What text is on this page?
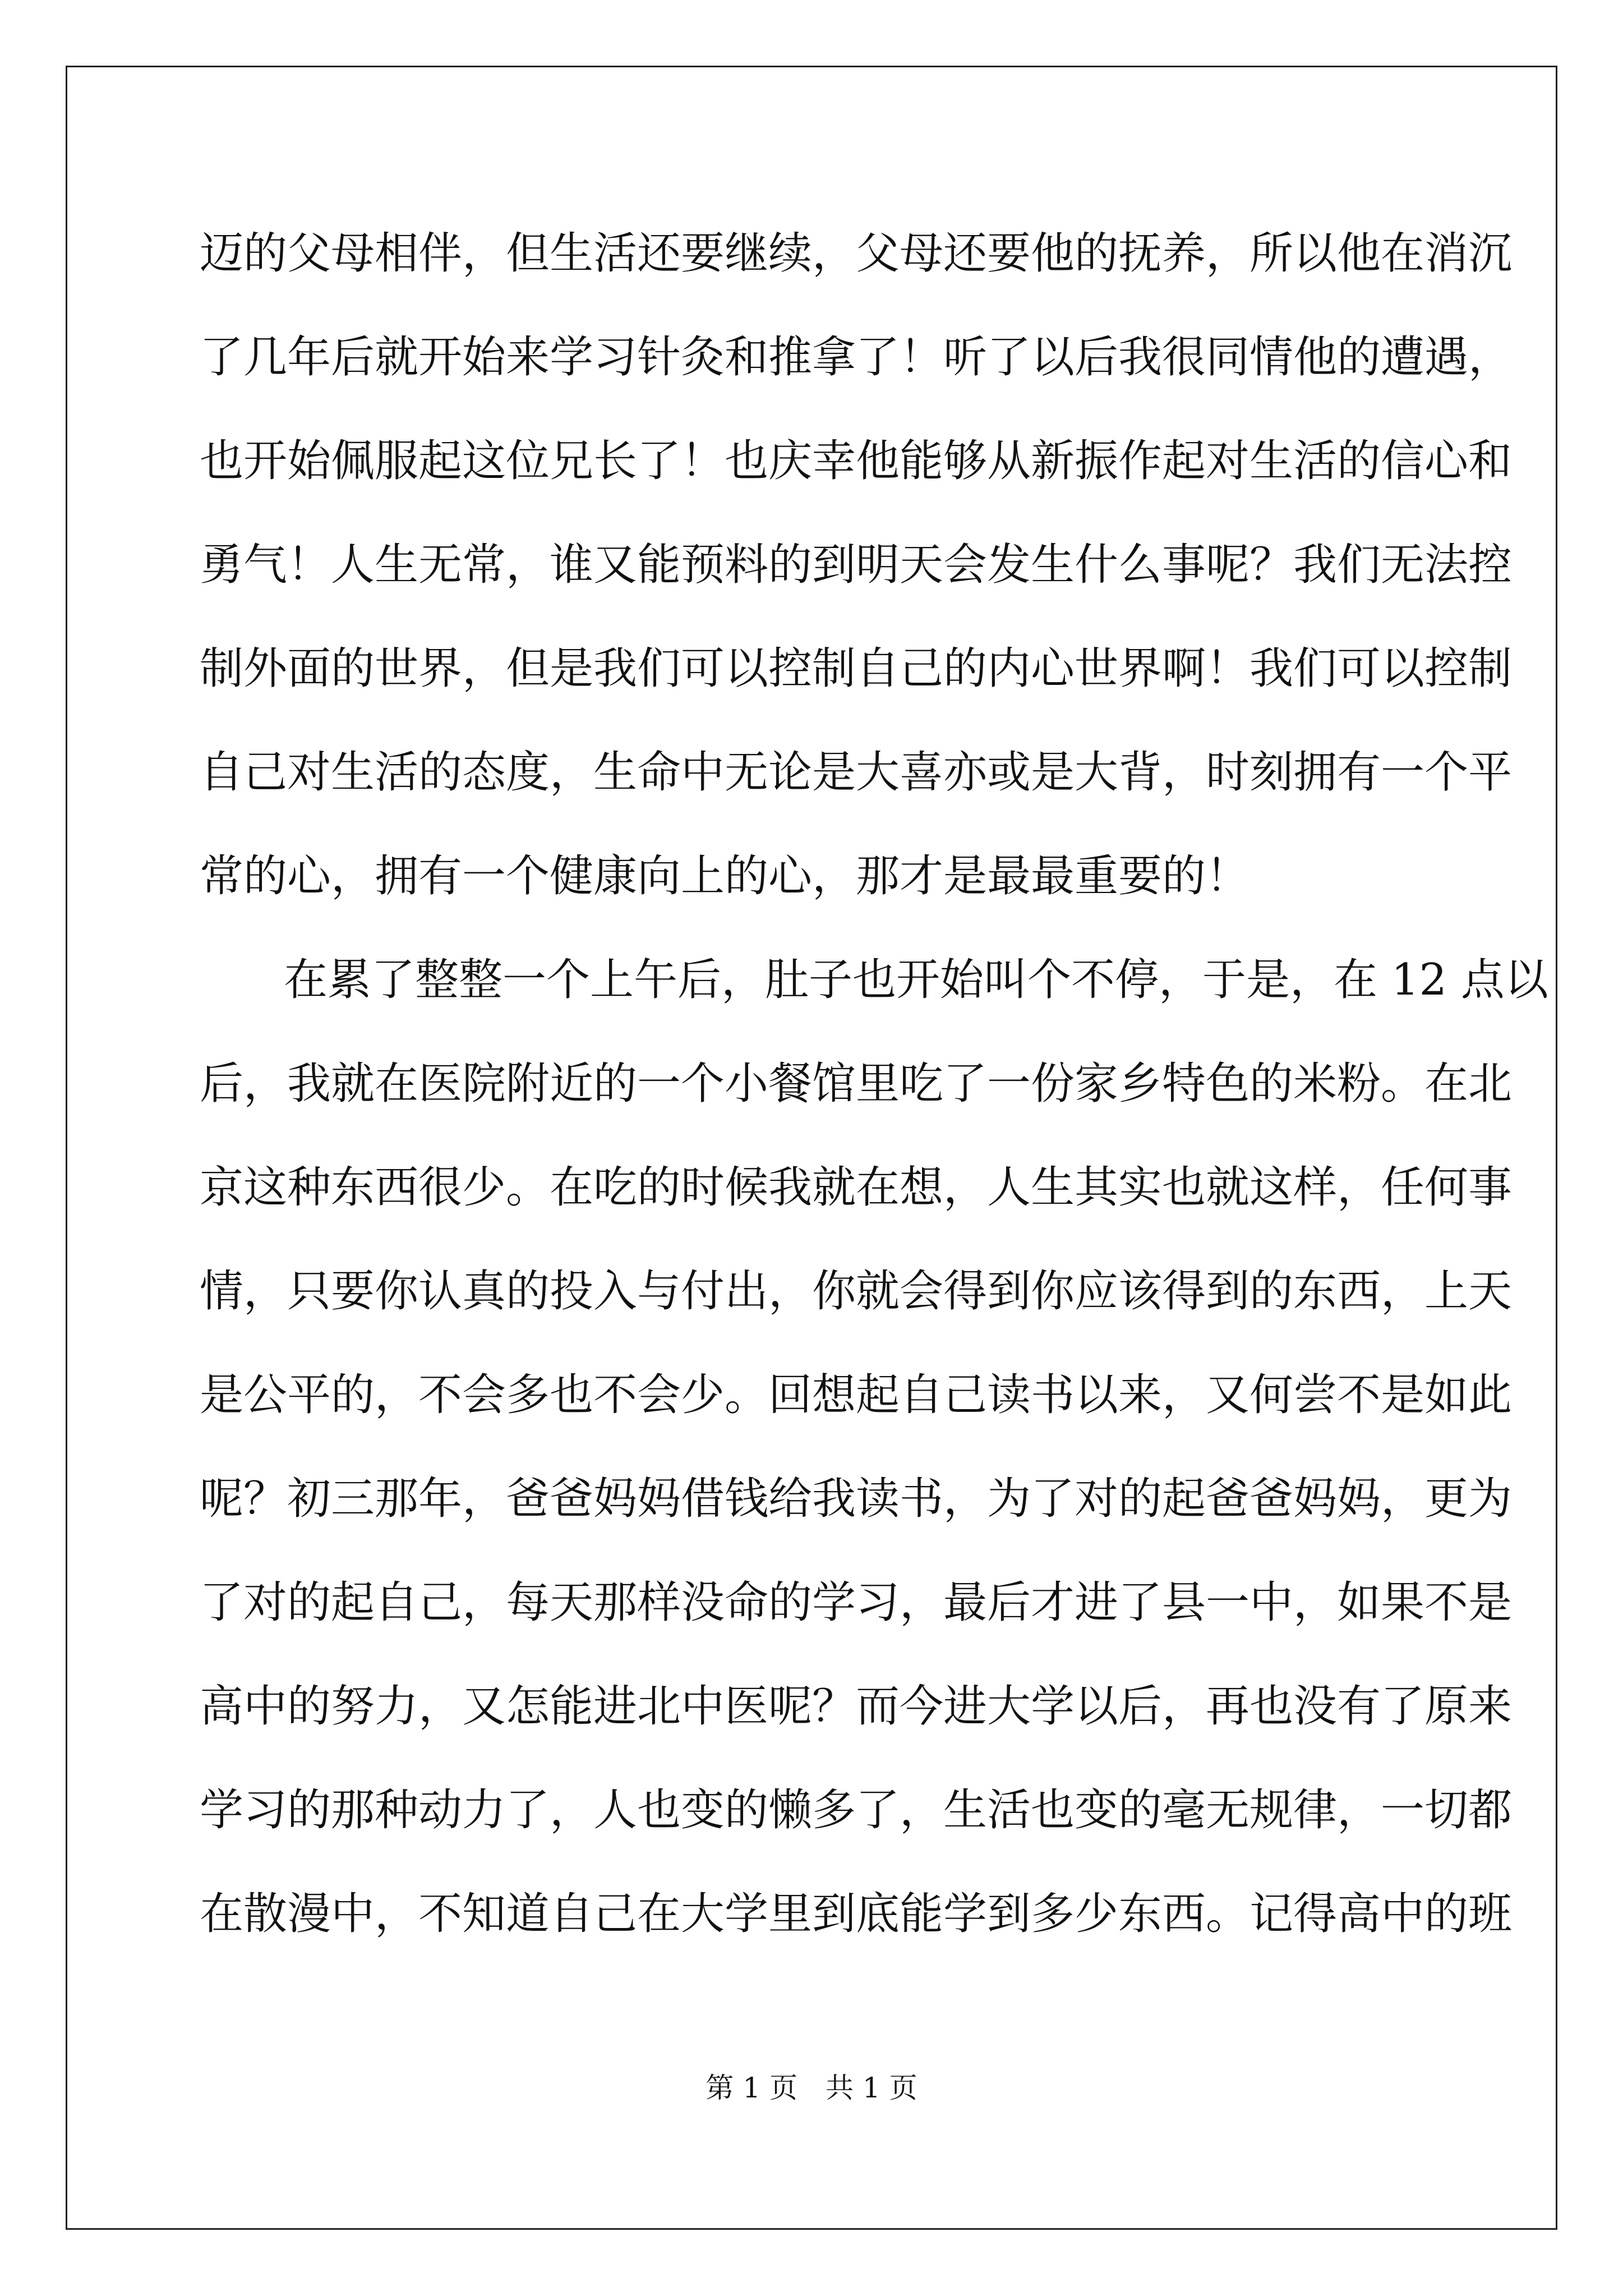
迈的父母相伴，但生活还要继续，父母还要他的抚养，所以他在消沉
了几年后就开始来学习针灸和推拿了！听了以后我很同情他的遭遇，
也开始佩服起这位兄长了！也庆幸他能够从新振作起对生活的信心和
勇气！人生无常，谁又能预料的到明天会发生什么事呢？我们无法控
制外面的世界，但是我们可以控制自己的内心世界啊！我们可以控制
自己对生活的态度，生命中无论是大喜亦或是大背，时刻拥有一个平
常的心，拥有一个健康向上的心，那才是最最重要的！
在累了整整一个上午后，肚子也开始叫个不停，于是，在 12 点以
后，我就在医院附近的一个小餐馆里吃了一份家乡特色的米粉。在北
京这种东西很少。在吃的时候我就在想，人生其实也就这样，任何事
情，只要你认真的投入与付出，你就会得到你应该得到的东西，上天
是公平的，不会多也不会少。回想起自己读书以来，又何尝不是如此
呢？初三那年，爸爸妈妈借钱给我读书，为了对的起爸爸妈妈，更为
了对的起自己，每天那样没命的学习，最后才进了县一中，如果不是
高中的努力，又怎能进北中医呢？而今进大学以后，再也没有了原来
学习的那种动力了，人也变的懒多了，生活也变的毫无规律，一切都
在散漫中，不知道自己在大学里到底能学到多少东西。记得高中的班
第 1 页　共 1 页
